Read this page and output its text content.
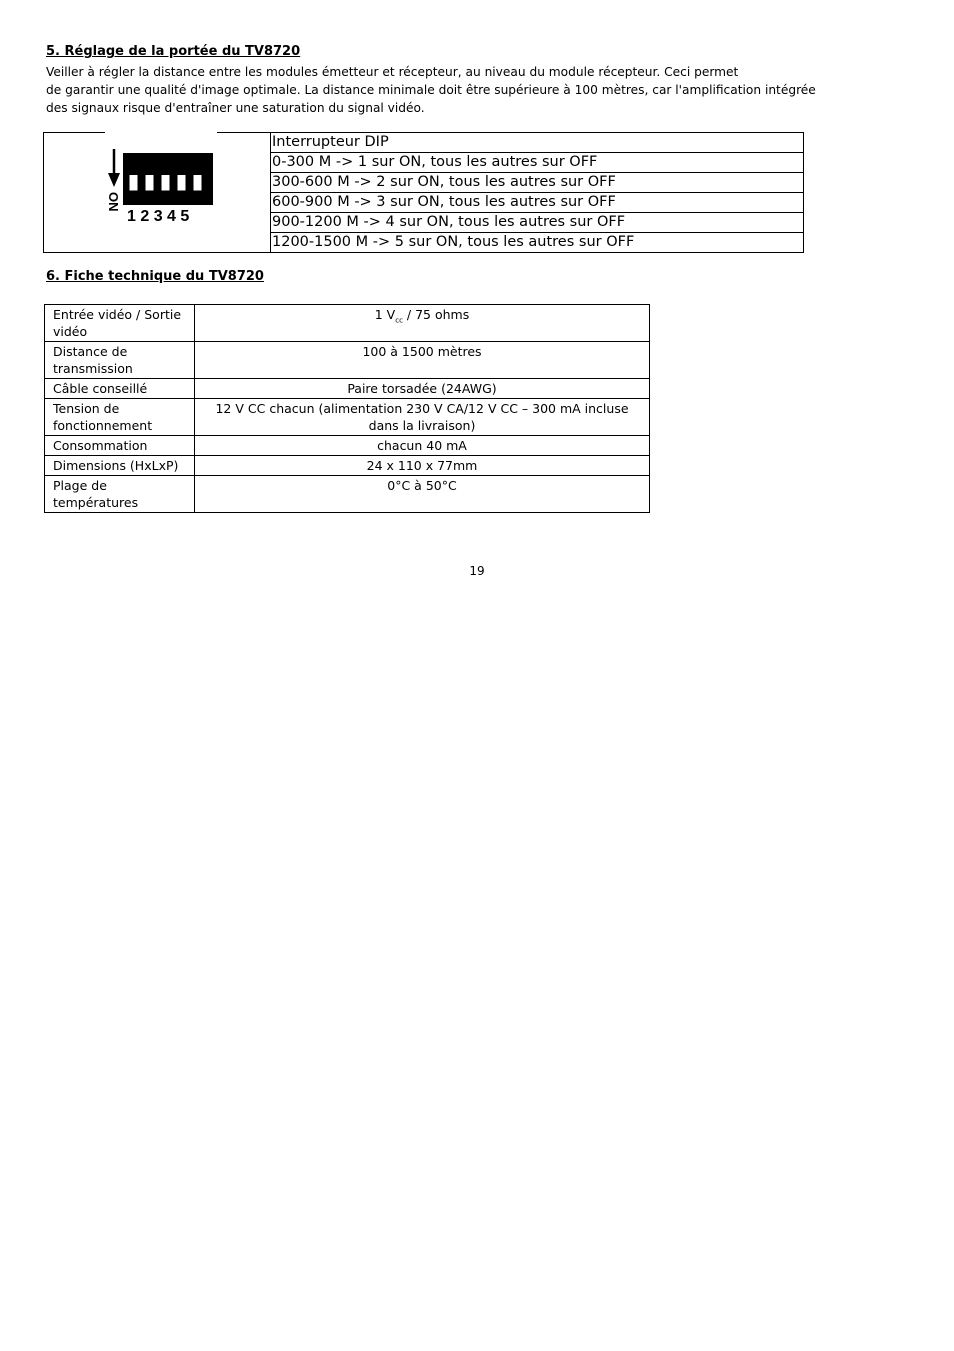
5. Réglage de la portée du TV8720

Veiller à régler la distance entre les modules émetteur et récepteur, au niveau du module récepteur. Ceci permet
de garantir une qualité d'image optimale. La distance minimale doit être supérieure à 100 mètres, car l'amplification intégrée
des signaux risque d'entraîner une saturation du signal vidéo.

ON
1 2 3 4 5
Interrupteur DIP
0-300 M -> 1 sur ON, tous les autres sur OFF
300-600 M -> 2 sur ON, tous les autres sur OFF
600-900 M -> 3 sur ON, tous les autres sur OFF
900-1200 M -> 4 sur ON, tous les autres sur OFF
1200-1500 M -> 5 sur ON, tous les autres sur OFF
6. Fiche technique du TV8720
Entrée vidéo / Sortie vidéo	1 $V_{cc} / 75$ ohms
Distance de transmission	100 à 1500 mètres
Câble conseillé	Paire torsadée (24AWG)
Tension de fonctionnement	12 V CC chacun (alimentation 230 V CA/12 V CC – 300 mA incluse dans la livraison)
Consommation	chacun 40 mA
Dimensions (HxLxP)	24 x 110 x 77mm
Plage de températures	0°C à 50°C
19
